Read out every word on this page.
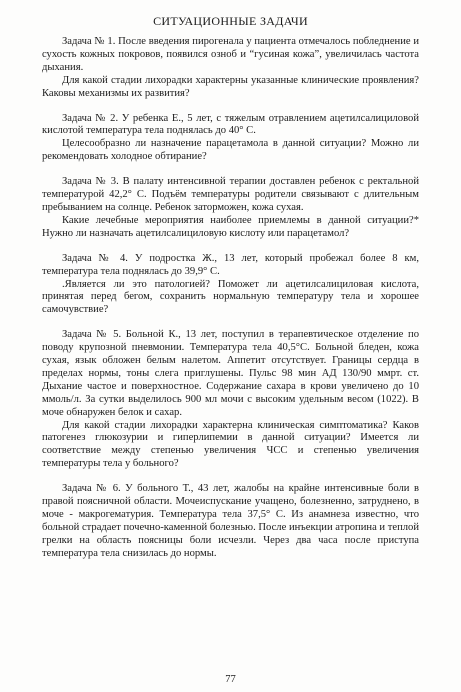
СИТУАЦИОННЫЕ ЗАДАЧИ

Задача № 1. После введения пирогенала у пациента отмечалось побледнение и сухость кожных покровов, появился озноб и “гусиная кожа”, увеличилась частота дыхания.

Для какой стадии лихорадки характерны указанные клинические проявления? Каковы механизмы их развития?

Задача № 2. У ребенка Е., 5 лет, с тяжелым отравлением ацетилсалициловой кислотой температура тела поднялась до 40° С.

Целесообразно ли назначение парацетамола в данной ситуации? Можно ли рекомендовать холодное обтирание?

Задача № 3. В палату интенсивной терапии доставлен ребенок с ректальной температурой 42,2° С. Подъём температуры родители связывают с длительным пребыванием на солнце. Ребенок заторможен, кожа сухая.

Какие лечебные мероприятия наиболее приемлемы в данной ситуации?* Нужно ли назначать ацетилсалициловую кислоту или парацетамол?

Задача № 4. У подростка Ж., 13 лет, который пробежал более 8 км, температура тела поднялась до 39,9° С.

.Является ли это патологией? Поможет ли ацетилсалициловая кислота, принятая перед бегом, сохранить нормальную температуру тела и хорошее самочувствие?

Задача № 5. Больной К., 13 лет, поступил в терапевтическое отделение по поводу крупозной пневмонии. Температура тела 40,5°С. Больной бледен, кожа сухая, язык обложен белым налетом. Аппетит отсутствует. Границы сердца в пределах нормы, тоны слега приглушены. Пульс 98 мин АД 130/90 ммрт. ст. Дыхание частое и поверхностное. Содержание сахара в крови увеличено до 10 ммоль/л. За сутки выделилось 900 мл мочи с высоким удельным весом (1022). В моче обнаружен белок и сахар.

Для какой стадии лихорадки характерна клиническая симптоматика? Каков патогенез глюкозурии и гиперлипемии в данной ситуации? Имеется ли соответствие между степенью увеличения ЧСС и степенью увеличения температуры тела у больного?

Задача № 6. У больного Т., 43 лет, жалобы на крайне интенсивные боли в правой поясничной области. Мочеиспускание учащено, болезненно, затруднено, в моче - макрогематурия. Температура тела 37,5° С. Из анамнеза известно, что больной страдает почечно-каменной болезнью. После инъекции атропина и теплой грелки на область поясницы боли исчезли. Через два часа после приступа температура тела снизилась до нормы.

77
